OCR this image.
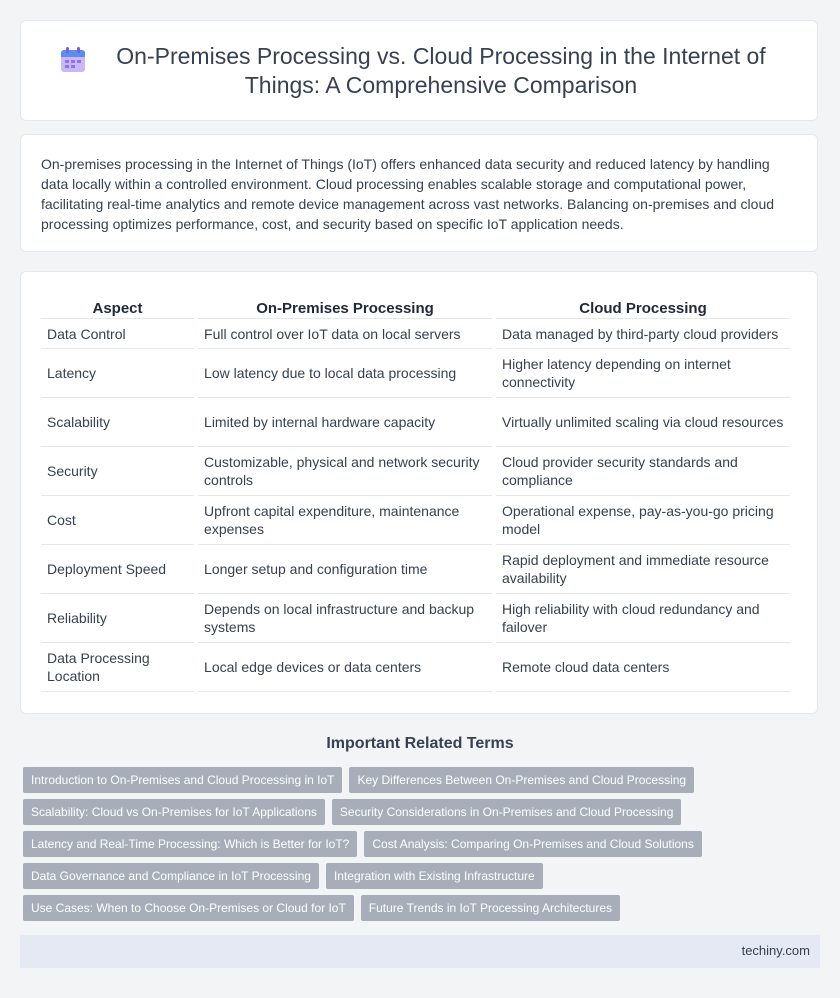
On-Premises Processing vs. Cloud Processing in the Internet of Things: A Comprehensive Comparison

On-premises processing in the Internet of Things (IoT) offers enhanced data security and reduced latency by handling data locally within a controlled environment. Cloud processing enables scalable storage and computational power, facilitating real-time analytics and remote device management across vast networks. Balancing on-premises and cloud processing optimizes performance, cost, and security based on specific IoT application needs.

Aspect	On-Premises Processing	Cloud Processing
Data Control	Full control over IoT data on local servers	Data managed by third-party cloud providers
Latency	Low latency due to local data processing	Higher latency depending on internet connectivity
Scalability	Limited by internal hardware capacity	Virtually unlimited scaling via cloud resources
Security	Customizable, physical and network security controls	Cloud provider security standards and compliance
Cost	Upfront capital expenditure, maintenance expenses	Operational expense, pay-as-you-go pricing model
Deployment Speed	Longer setup and configuration time	Rapid deployment and immediate resource availability
Reliability	Depends on local infrastructure and backup systems	High reliability with cloud redundancy and failover
Data Processing Location	Local edge devices or data centers	Remote cloud data centers
Important Related Terms
Introduction to On-Premises and Cloud Processing in IoT	Key Differences Between On-Premises and Cloud Processing
Scalability: Cloud vs On-Premises for IoT Applications	Security Considerations in On-Premises and Cloud Processing
Latency and Real-Time Processing: Which is Better for IoT?	Cost Analysis: Comparing On-Premises and Cloud Solutions
Data Governance and Compliance in IoT Processing	Integration with Existing Infrastructure
Use Cases: When to Choose On-Premises or Cloud for IoT	Future Trends in IoT Processing Architectures
techiny.com
